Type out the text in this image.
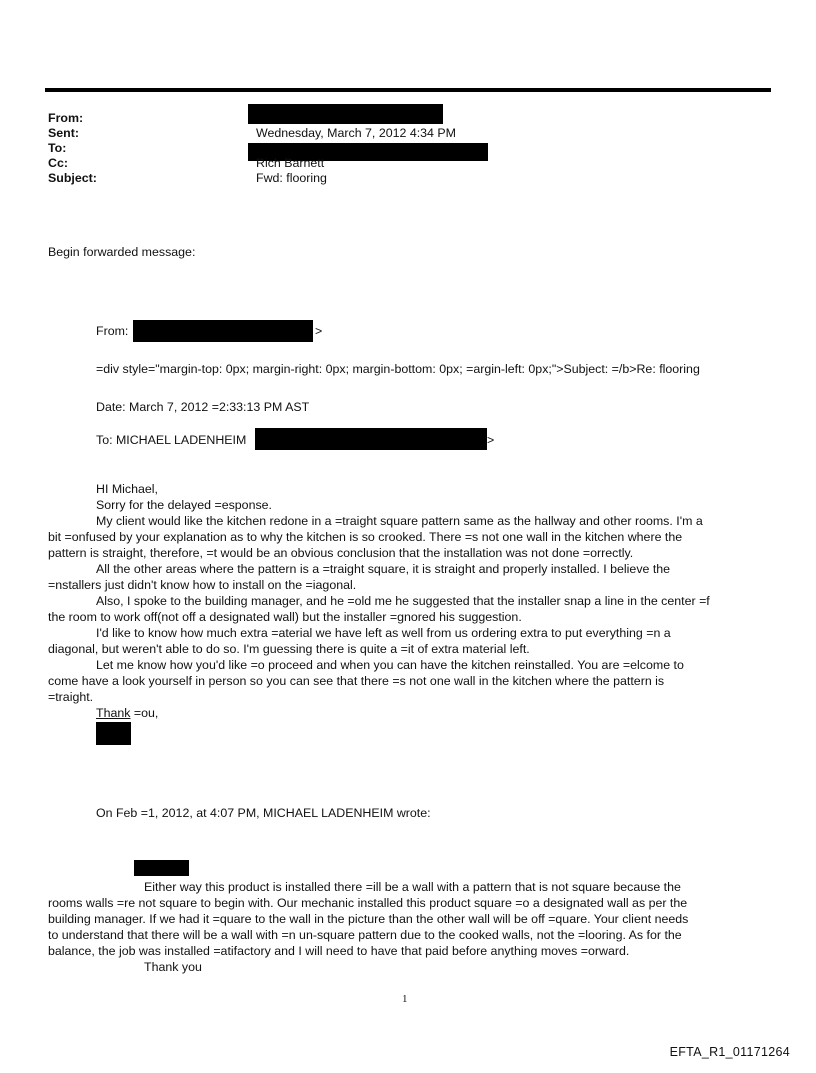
From:
Sent:	Wednesday, March 7, 2012 4:34 PM
To:
Cc:	Rich Barnett
Subject:	Fwd: flooring
Begin forwarded message:
From:	>
=div style="margin-top: 0px; margin-right: 0px; margin-bottom: 0px; =argin-left: 0px;">Subject: =/b>Re: flooring
Date: March 7, 2012 =2:33:13 PM AST
To: MICHAEL LADENHEIM	>
HI Michael,
Sorry for the delayed =esponse.
My client would like the kitchen redone in a =traight square pattern same as the hallway and other rooms. I'm a
bit =onfused by your explanation as to why the kitchen is so crooked. There =s not one wall in the kitchen where the
pattern is straight, therefore, =t would be an obvious conclusion that the installation was not done =orrectly.
All the other areas where the pattern is a =traight square, it is straight and properly installed. I believe the
=nstallers just didn't know how to install on the =iagonal.
Also, I spoke to the building manager, and he =old me he suggested that the installer snap a line in the center =f
the room to work off(not off a designated wall) but the installer =gnored his suggestion.
I'd like to know how much extra =aterial we have left as well from us ordering extra to put everything =n a
diagonal, but weren't able to do so. I'm guessing there is quite a =it of extra material left.
Let me know how you'd like =o proceed and when you can have the kitchen reinstalled. You are =elcome to
come have a look yourself in person so you can see that there =s not one wall in the kitchen where the pattern is
=traight.
Thank =ou,
On Feb =1, 2012, at 4:07 PM, MICHAEL LADENHEIM wrote:
Either way this product is installed there =ill be a wall with a pattern that is not square because the
rooms walls =re not square to begin with. Our mechanic installed this product square =o a designated wall as per the
building manager. If we had it =quare to the wall in the picture than the other wall will be off =quare. Your client needs
to understand that there will be a wall with =n un-square pattern due to the cooked walls, not the =looring. As for the
balance, the job was installed =atifactory and I will need to have that paid before anything moves =orward.
Thank you
1
EFTA_R1_01171264
